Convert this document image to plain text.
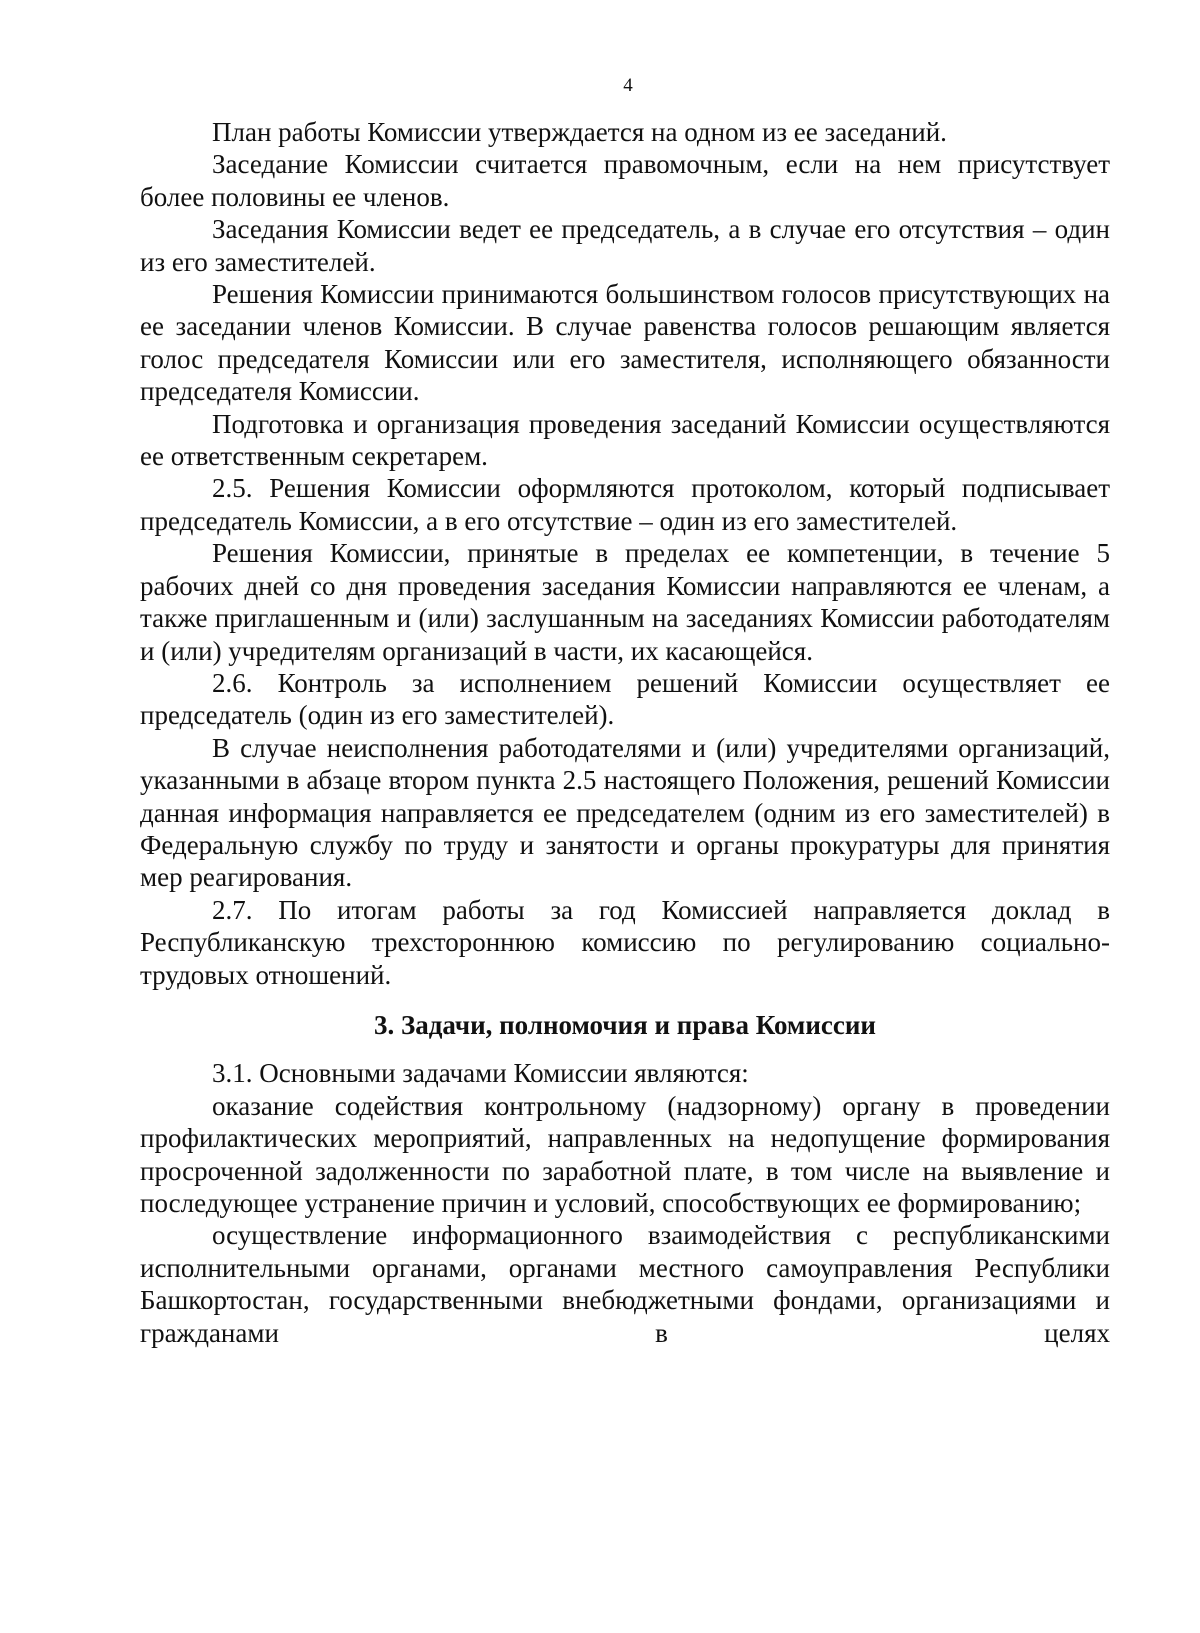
4

План работы Комиссии утверждается на одном из ее заседаний.

Заседание Комиссии считается правомочным, если на нем присутствует более половины ее членов.

Заседания Комиссии ведет ее председатель, а в случае его отсутствия – один из его заместителей.

Решения Комиссии принимаются большинством голосов присутствующих на ее заседании членов Комиссии. В случае равенства голосов решающим является голос председателя Комиссии или его заместителя, исполняющего обязанности председателя Комиссии.

Подготовка и организация проведения заседаний Комиссии осуществляются ее ответственным секретарем.

2.5. Решения Комиссии оформляются протоколом, который подписывает председатель Комиссии, а в его отсутствие – один из его заместителей.

Решения Комиссии, принятые в пределах ее компетенции, в течение 5 рабочих дней со дня проведения заседания Комиссии направляются ее членам, а также приглашенным и (или) заслушанным на заседаниях Комиссии работодателям и (или) учредителям организаций в части, их касающейся.

2.6. Контроль за исполнением решений Комиссии осуществляет ее председатель (один из его заместителей).

В случае неисполнения работодателями и (или) учредителями организаций, указанными в абзаце втором пункта 2.5 настоящего Положения, решений Комиссии данная информация направляется ее председателем (одним из его заместителей) в Федеральную службу по труду и занятости и органы прокуратуры для принятия мер реагирования.

2.7. По итогам работы за год Комиссией направляется доклад в Республиканскую трехстороннюю комиссию по регулированию социально-трудовых отношений.

3. Задачи, полномочия и права Комиссии

3.1. Основными задачами Комиссии являются:

оказание содействия контрольному (надзорному) органу в проведении профилактических мероприятий, направленных на недопущение формирования просроченной задолженности по заработной плате, в том числе на выявление и последующее устранение причин и условий, способствующих ее формированию;

осуществление информационного взаимодействия с республиканскими исполнительными органами, органами местного самоуправления Республики Башкортостан, государственными внебюджетными фондами, организациями и гражданами в целях
